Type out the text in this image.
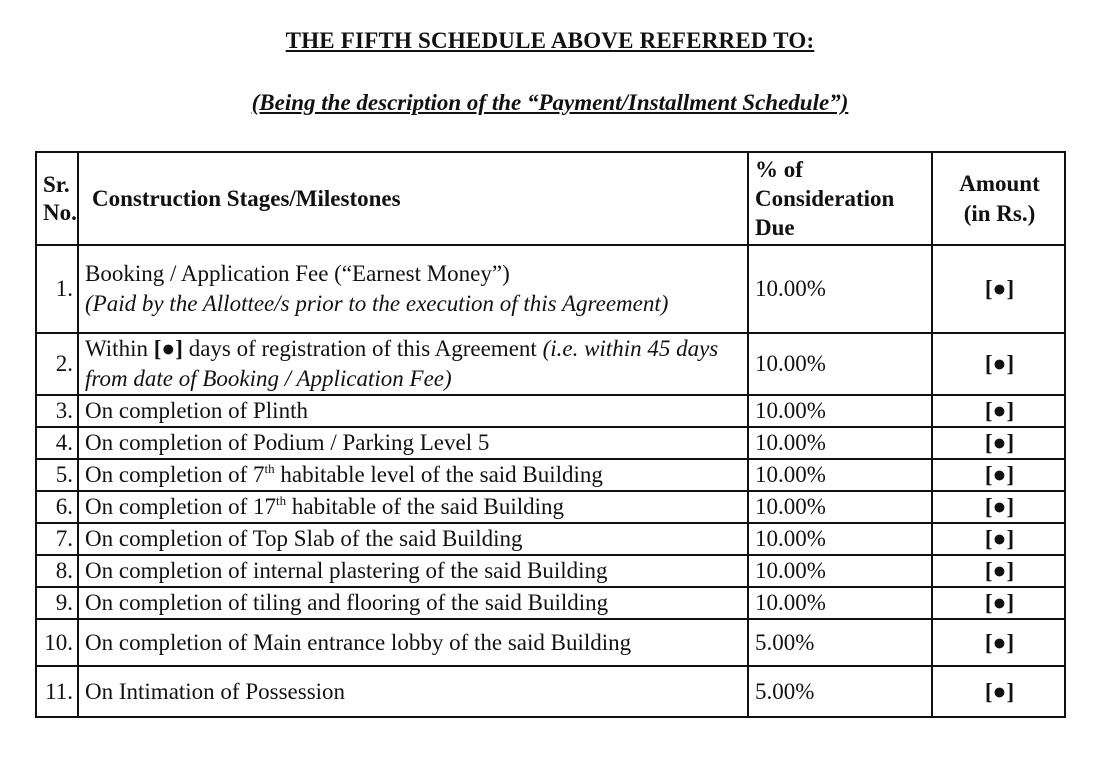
THE FIFTH SCHEDULE ABOVE REFERRED TO:
(Being the description of the “Payment/Installment Schedule”)
Sr.
No.	Construction Stages/Milestones	% of
Consideration
Due	Amount
(in Rs.)
1.	Booking / Application Fee (“Earnest Money”)
(Paid by the Allottee/s prior to the execution of this Agreement)	10.00%	[●]
2.	Within [●] days of registration of this Agreement (i.e. within 45 days from date of Booking / Application Fee)	10.00%	[●]
3.	On completion of Plinth	10.00%	[●]
4.	On completion of Podium / Parking Level 5	10.00%	[●]
5.	On completion of 7th habitable level of the said Building	10.00%	[●]
6.	On completion of 17th habitable of the said Building	10.00%	[●]
7.	On completion of Top Slab of the said Building	10.00%	[●]
8.	On completion of internal plastering of the said Building	10.00%	[●]
9.	On completion of tiling and flooring of the said Building	10.00%	[●]
10.	On completion of Main entrance lobby of the said Building	5.00%	[●]
11.	On Intimation of Possession	5.00%	[●]
